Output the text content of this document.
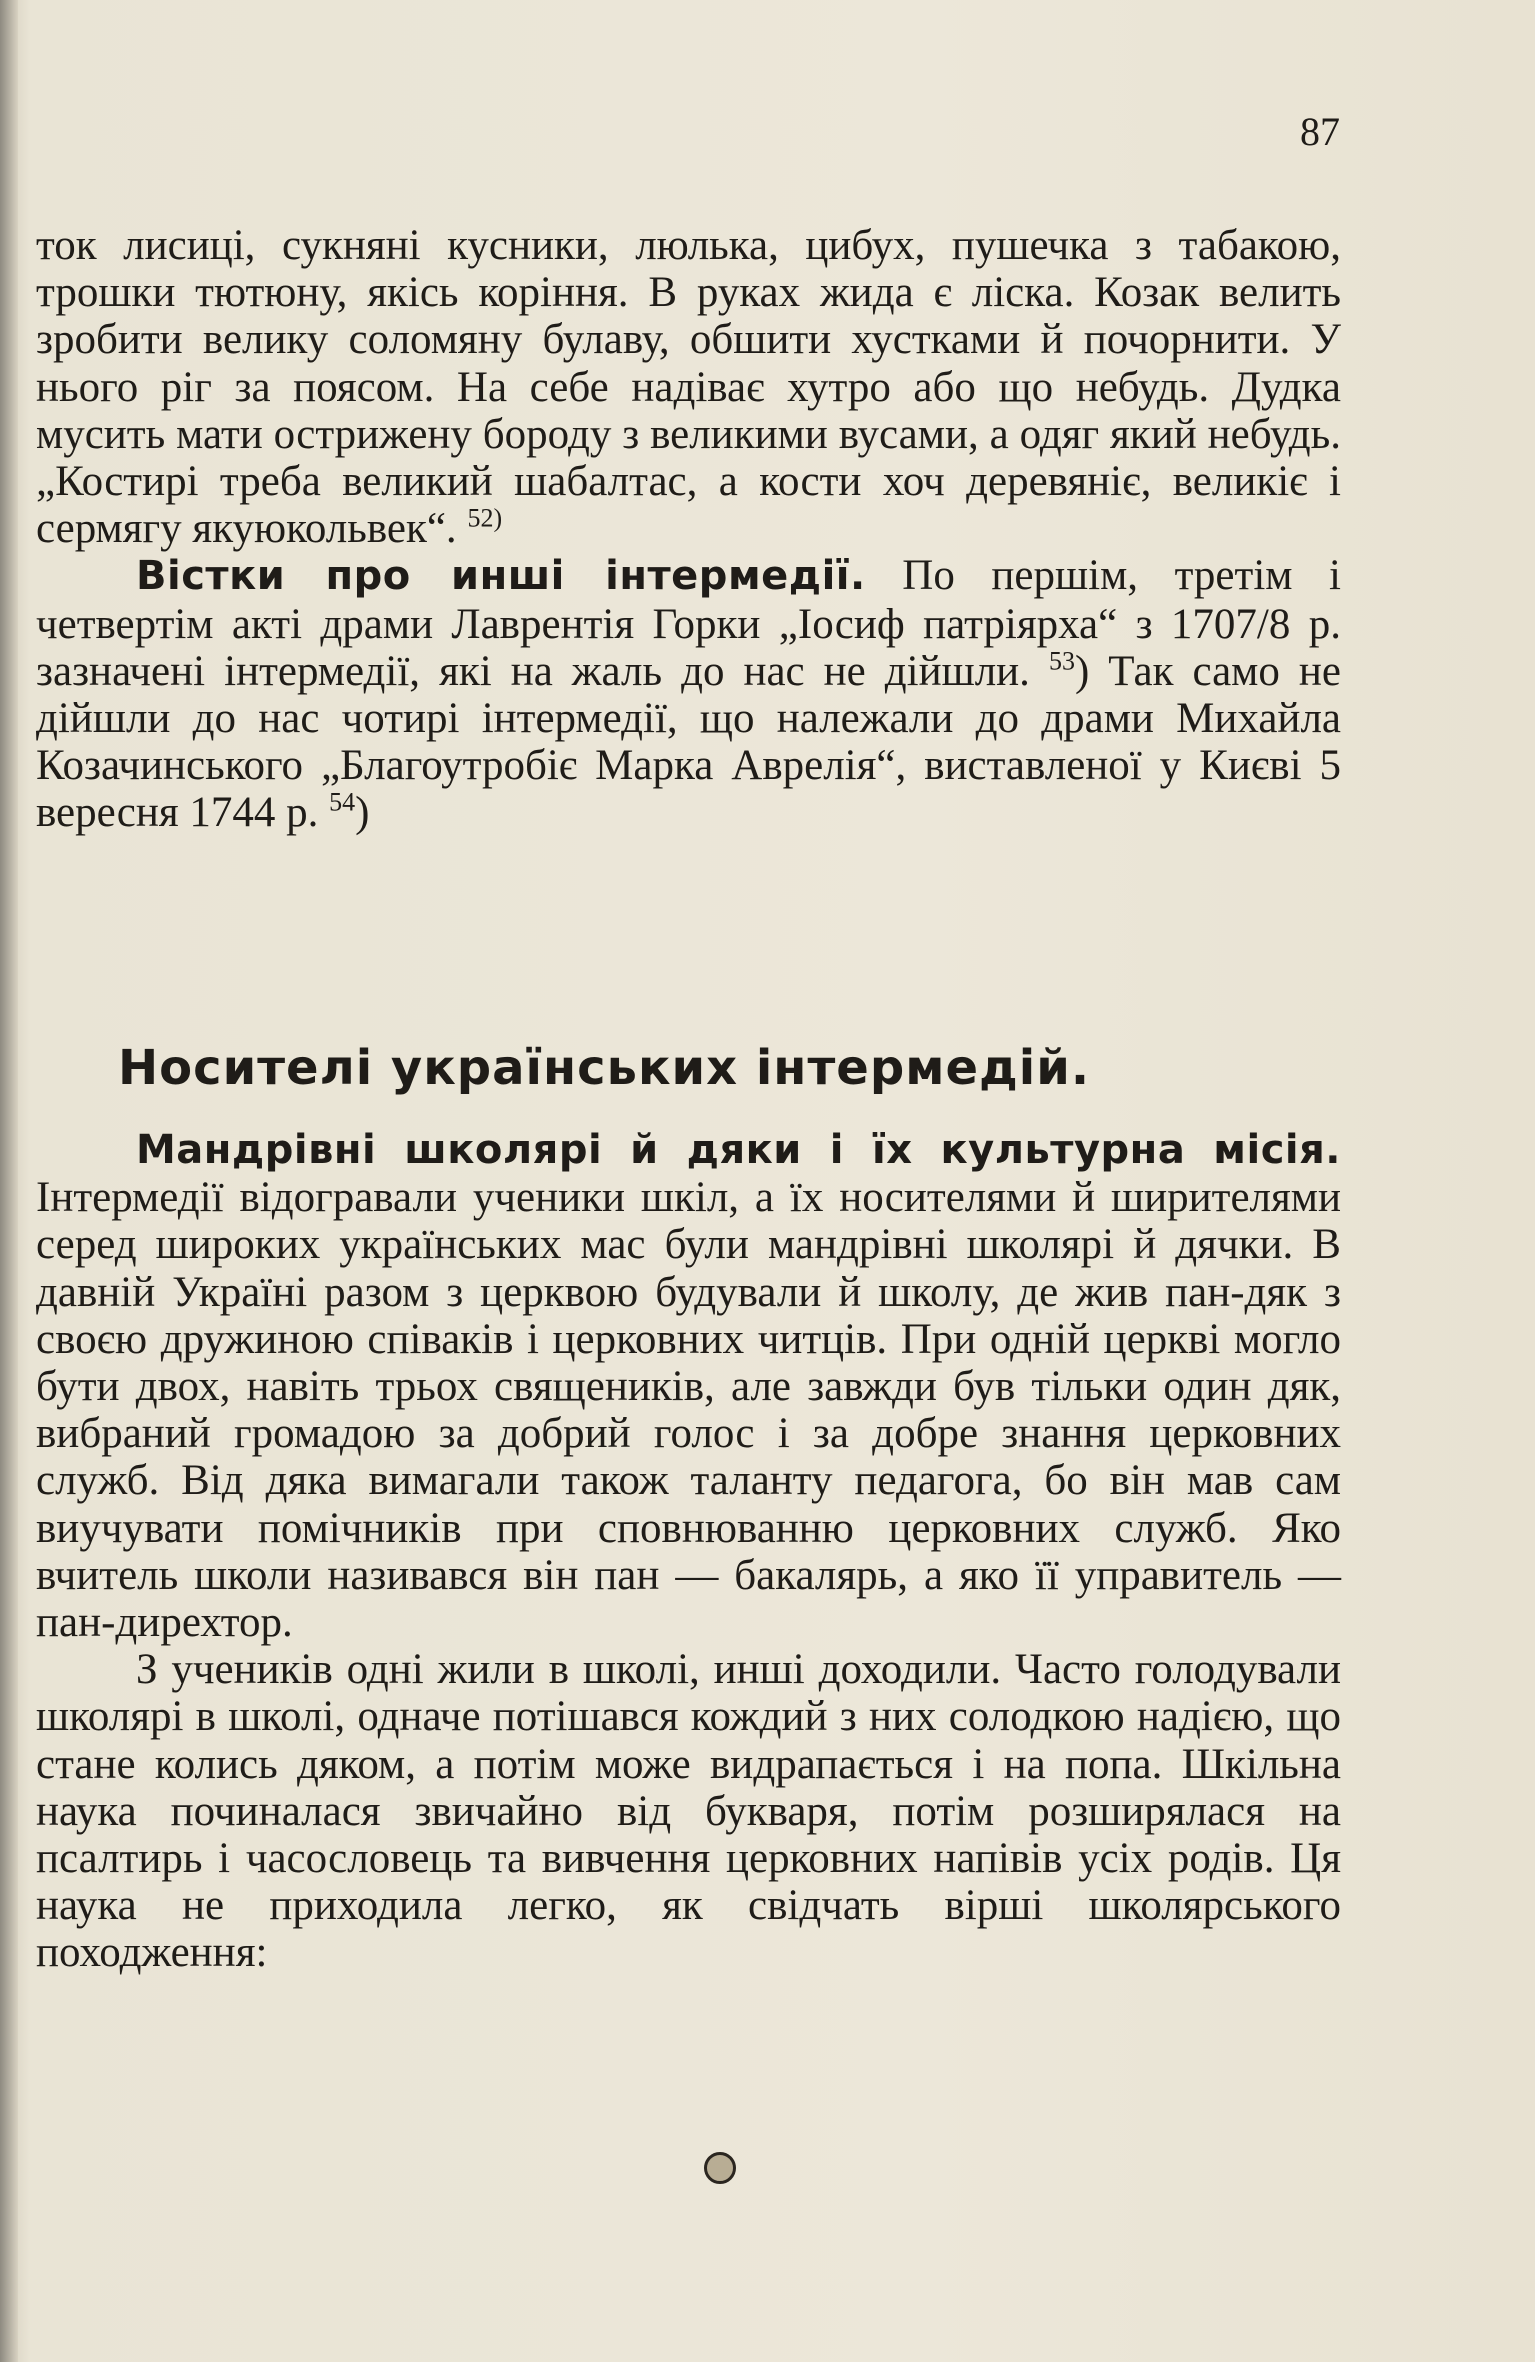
87

ток лисиці, сукняні кусники, люлька, цибух, пушечка з табакою, трошки тютюну, якісь коріння. В руках жида є ліска. Козак велить зробити велику соломяну булаву, обшити хустками й почорнити. У нього ріг за поясом. На себе надіває хутро або що небудь. Дудка мусить мати острижену бороду з великими вусами, а одяг який небудь. „Костирі треба великий шабалтас, а кости хоч деревяніє, великіє і сермягу якуюкольвек“. $^{52)}$

Вістки про инші інтермедії. По першім, третім і четвертім акті драми Лаврентія Горки „Іосиф патріярха“ з 1707/8 р. зазначені інтермедії, які на жаль до нас не дійшли. $^{53}$) Так само не дійшли до нас чотирі інтермедії, що належали до драми Михайла Козачинського „Благоутробіє Марка Аврелія“, виставленої у Києві 5 вересня 1744 р. $^{54}$)

Носителі українських інтермедій.

Мандрівні школярі й дяки і їх культурна місія. Інтермедії відогравали ученики шкіл, а їх носителями й ширителями серед широких українських мас були мандрівні школярі й дячки. В давній Україні разом з церквою будували й школу, де жив пан-дяк з своєю дружиною співаків і церковних читців. При одній церкві могло бути двох, навіть трьох священиків, але завжди був тільки один дяк, вибраний громадою за добрий голос і за добре знання церковних служб. Від дяка вимагали також таланту педагога, бо він мав сам виучувати помічників при сповнюванню церковних служб. Яко вчитель школи називався він пан — бакалярь, а яко її управитель — пан-дирехтор.

З учеників одні жили в школі, инші доходили. Часто голодували школярі в школі, одначе потішався кождий з них солодкою надією, що стане колись дяком, а потім може видрапається і на попа. Шкільна наука починалася звичайно від букваря, потім розширялася на псалтирь і часословець та вивчення церковних напівів усіх родів. Ця наука не приходила легко, як свідчать вірші школярського походження:
